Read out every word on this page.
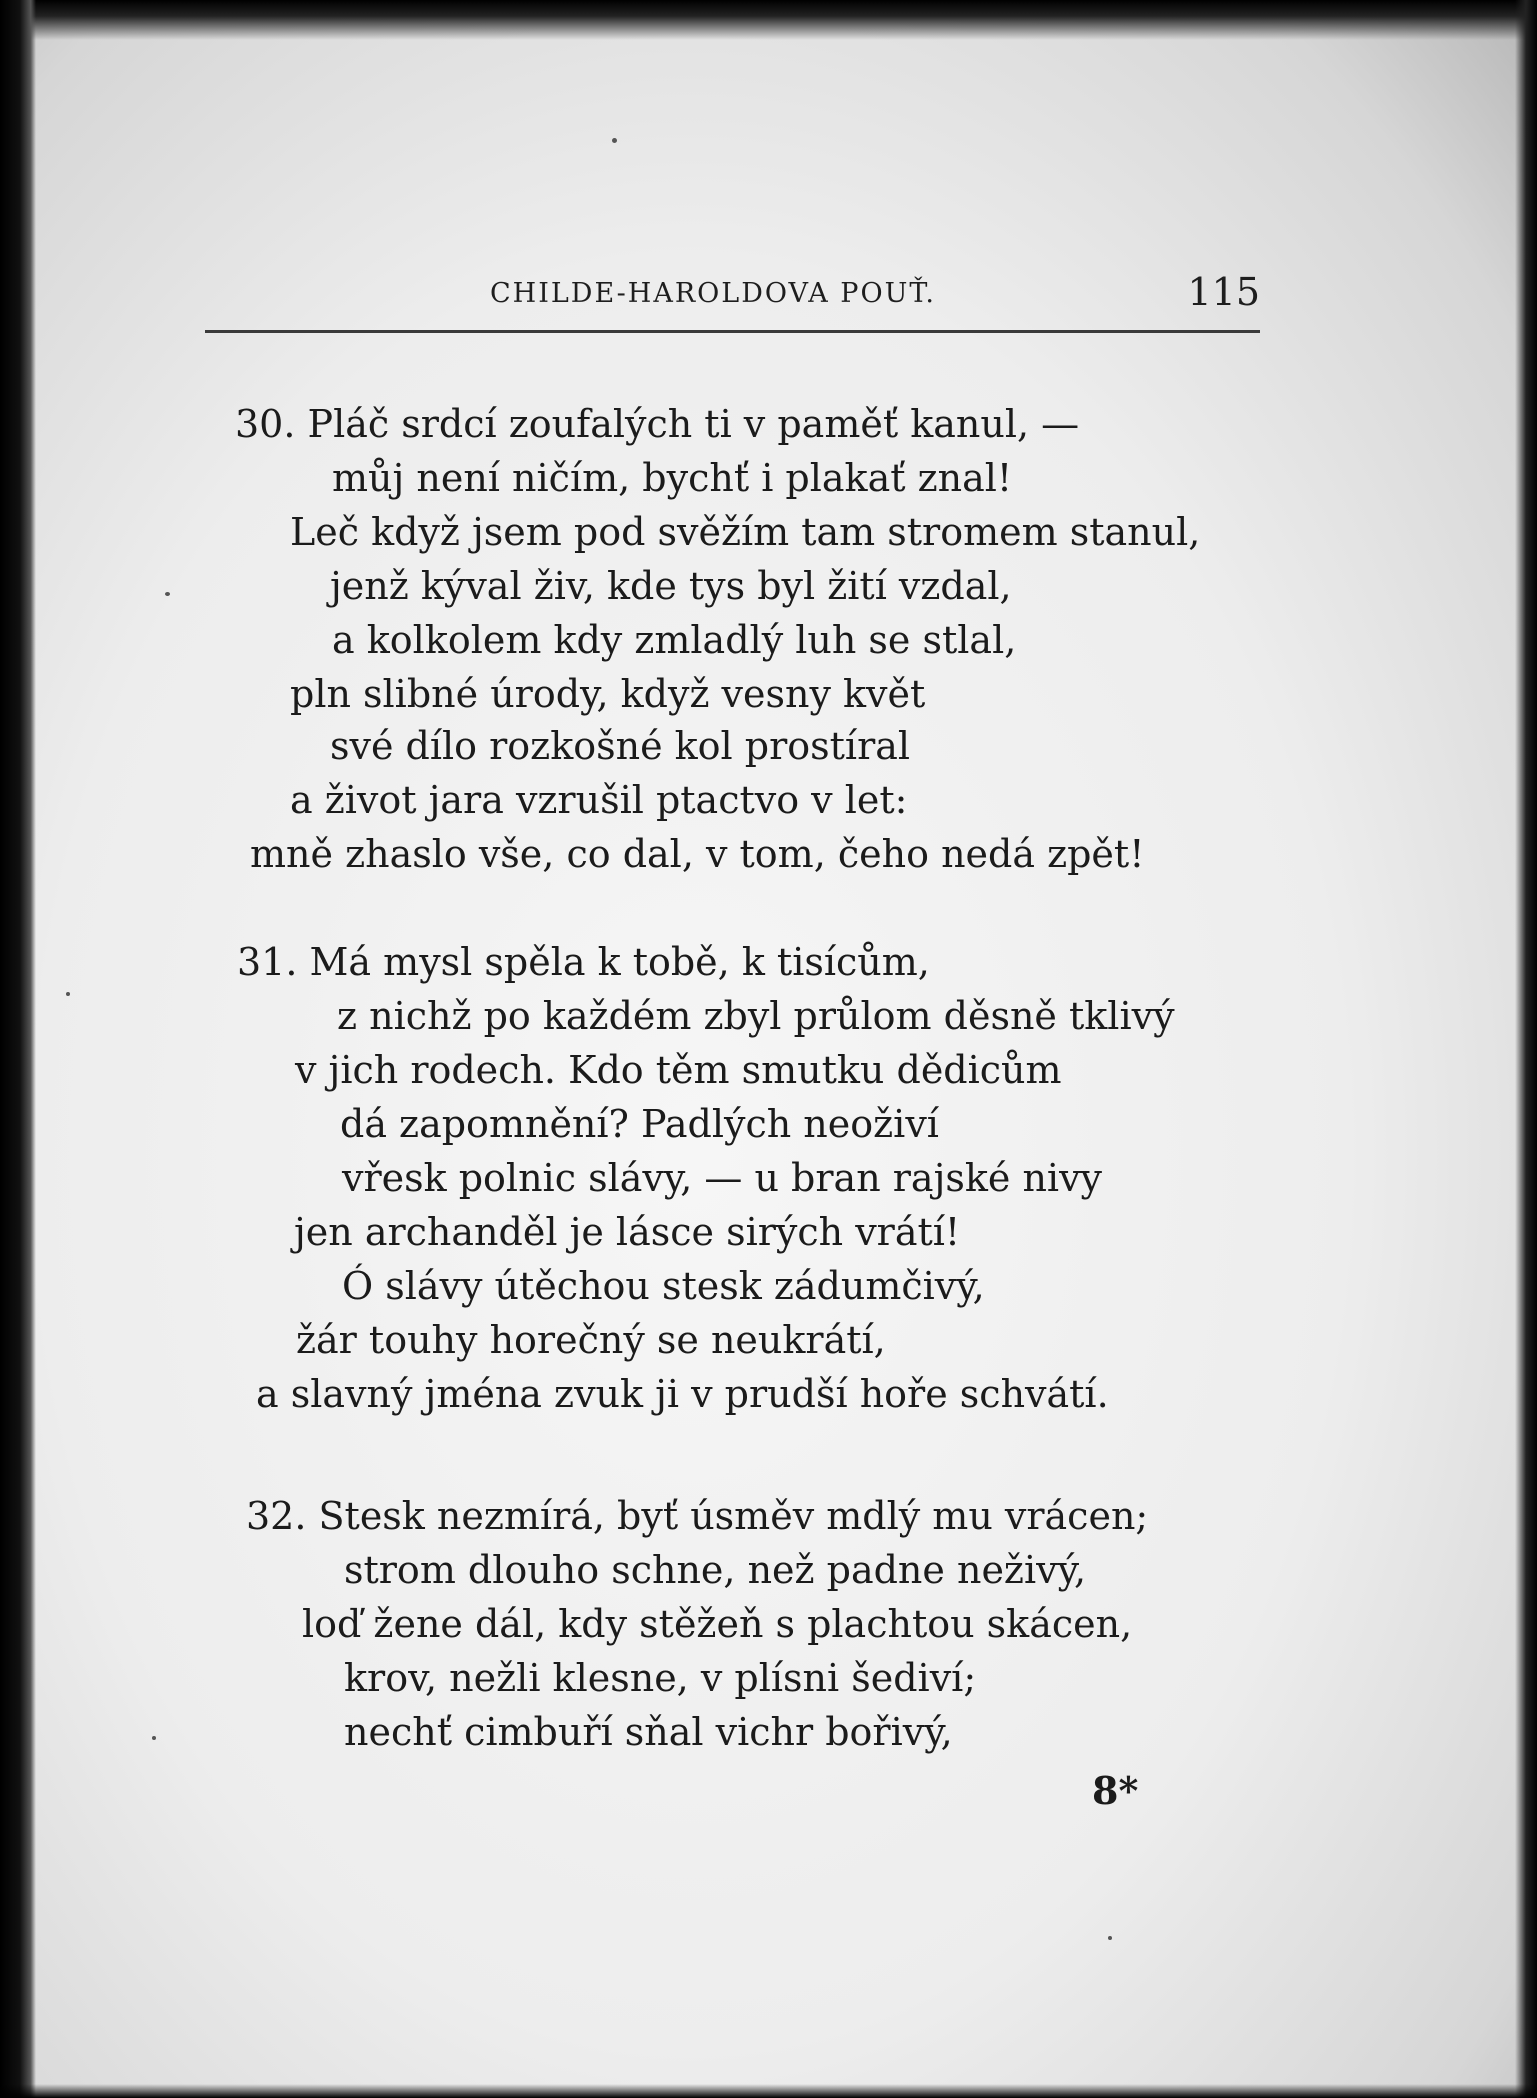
CHILDE-HAROLDOVA POUŤ.	115
30. Pláč srdcí zoufalých ti v paměť kanul, —
můj není ničím, bychť i plakať znal!
Leč když jsem pod svěžím tam stromem stanul,
jenž kýval živ, kde tys byl žití vzdal,
a kolkolem kdy zmladlý luh se stlal,
pln slibné úrody, když vesny květ
své dílo rozkošné kol prostíral
a život jara vzrušil ptactvo v let:
mně zhaslo vše, co dal, v tom, čeho nedá zpět!
31. Má mysl spěla k tobě, k tisícům,
z nichž po každém zbyl průlom děsně tklivý
v jich rodech. Kdo těm smutku dědicům
dá zapomnění? Padlých neoživí
vřesk polnic slávy, — u bran rajské nivy
jen archanděl je lásce sirých vrátí!
Ó slávy útěchou stesk zádumčivý,
žár touhy horečný se neukrátí,
a slavný jména zvuk ji v prudší hoře schvátí.
32. Stesk nezmírá, byť úsměv mdlý mu vrácen;
strom dlouho schne, než padne neživý,
loď žene dál, kdy stěžeň s plachtou skácen,
krov, nežli klesne, v plísni šediví;
nechť cimbuří sňal vichr bořivý,
8*
